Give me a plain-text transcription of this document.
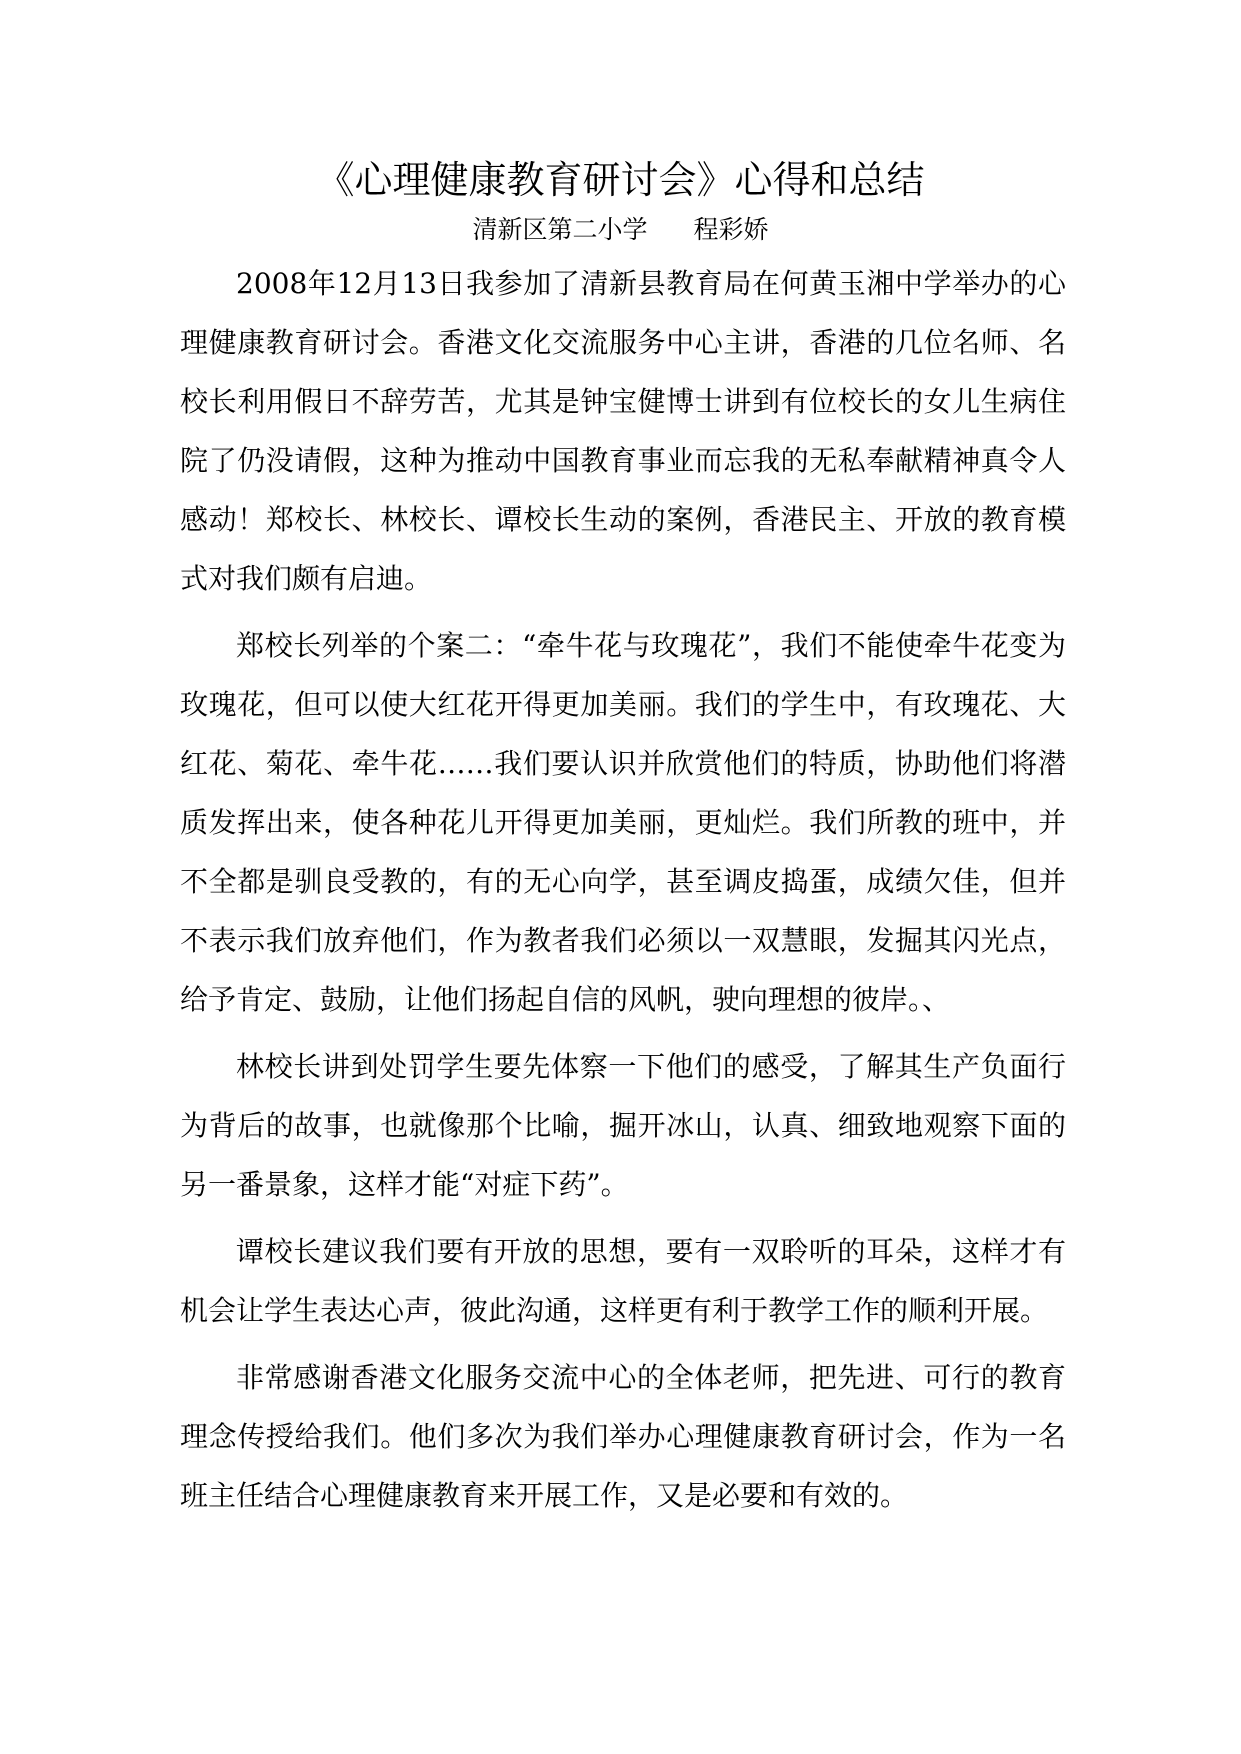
《心理健康教育研讨会》心得和总结
清新区第二小学 程彩娇

2008年12月13日我参加了清新县教育局在何黄玉湘中学举办的心理健康教育研讨会。香港文化交流服务中心主讲，香港的几位名师、名校长利用假日不辞劳苦，尤其是钟宝健博士讲到有位校长的女儿生病住院了仍没请假，这种为推动中国教育事业而忘我的无私奉献精神真令人感动！郑校长、林校长、谭校长生动的案例，香港民主、开放的教育模式对我们颇有启迪。

郑校长列举的个案二：“牵牛花与玫瑰花”，我们不能使牵牛花变为玫瑰花，但可以使大红花开得更加美丽。我们的学生中，有玫瑰花、大红花、菊花、牵牛花……我们要认识并欣赏他们的特质，协助他们将潜质发挥出来，使各种花儿开得更加美丽，更灿烂。我们所教的班中，并不全都是驯良受教的，有的无心向学，甚至调皮捣蛋，成绩欠佳，但并不表示我们放弃他们，作为教者我们必须以一双慧眼，发掘其闪光点，给予肯定、鼓励，让他们扬起自信的风帆，驶向理想的彼岸。、

林校长讲到处罚学生要先体察一下他们的感受，了解其生产负面行为背后的故事，也就像那个比喻，掘开冰山，认真、细致地观察下面的另一番景象，这样才能“对症下药”。

谭校长建议我们要有开放的思想，要有一双聆听的耳朵，这样才有机会让学生表达心声，彼此沟通，这样更有利于教学工作的顺利开展。

非常感谢香港文化服务交流中心的全体老师，把先进、可行的教育理念传授给我们。他们多次为我们举办心理健康教育研讨会，作为一名班主任结合心理健康教育来开展工作，又是必要和有效的。
